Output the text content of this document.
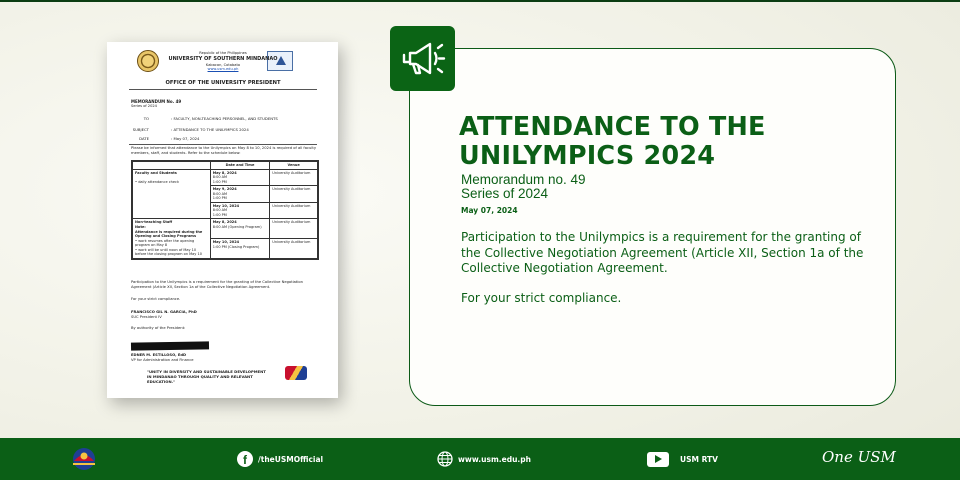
Republic of the Philippines
UNIVERSITY OF SOUTHERN MINDANAO
Kabacan, Cotabato
www.usm.edu.ph
OFFICE OF THE UNIVERSITY PRESIDENT
MEMORANDUM No. 49
Series of 2024
TO	: FACULTY, NON-TEACHING PERSONNEL, AND STUDENTS
SUBJECT	: ATTENDANCE TO THE UNILYMPICS 2024
DATE	: May 07, 2024
Please be informed that attendance to the Unilympics on May 8 to 10, 2024 is required of all faculty members, staff, and students. Refer to the schedule below:
	Date and Time	Venue
Faculty and Students

• daily attendance check	May 8, 2024
8:00 AM
1:00 PM	University Auditorium
	May 9, 2024
8:00 AM
1:00 PM	University Auditorium
	May 10, 2024
8:00 AM
1:00 PM	University Auditorium
Non-teaching Staff
Note:
Attendance is required during the Opening and Closing Programs
• work resumes after the opening program on May 8
• work will be until noon of May 10 before the closing program on May 10	May 8, 2024
8:00 AM (Opening Program)	University Auditorium
	May 10, 2024
1:00 PM (Closing Program)	University Auditorium
Participation to the Unilympics is a requirement for the granting of the Collective Negotiation Agreement (Article XII, Section 1a of the Collective Negotiation Agreement.
For your strict compliance.
FRANCISCO GIL N. GARCIA, PhD
SUC President IV
By authority of the President:
EDNER M. ESTILLOSO, EdD
VP for Administration and Finance
"UNITY IN DIVERSITY AND SUSTAINABLE DEVELOPMENT IN MINDANAO THROUGH QUALITY AND RELEVANT EDUCATION."
ATTENDANCE TO THE UNILYMPICS 2024
Memorandum no. 49
Series of 2024
May 07, 2024
Participation to the Unilympics is a requirement for the granting of the Collective Negotiation Agreement (Article XII, Section 1a of the Collective Negotiation Agreement.
For your strict compliance.
f	/theUSMOfficial	www.usm.edu.ph	USM RTV	One USM
